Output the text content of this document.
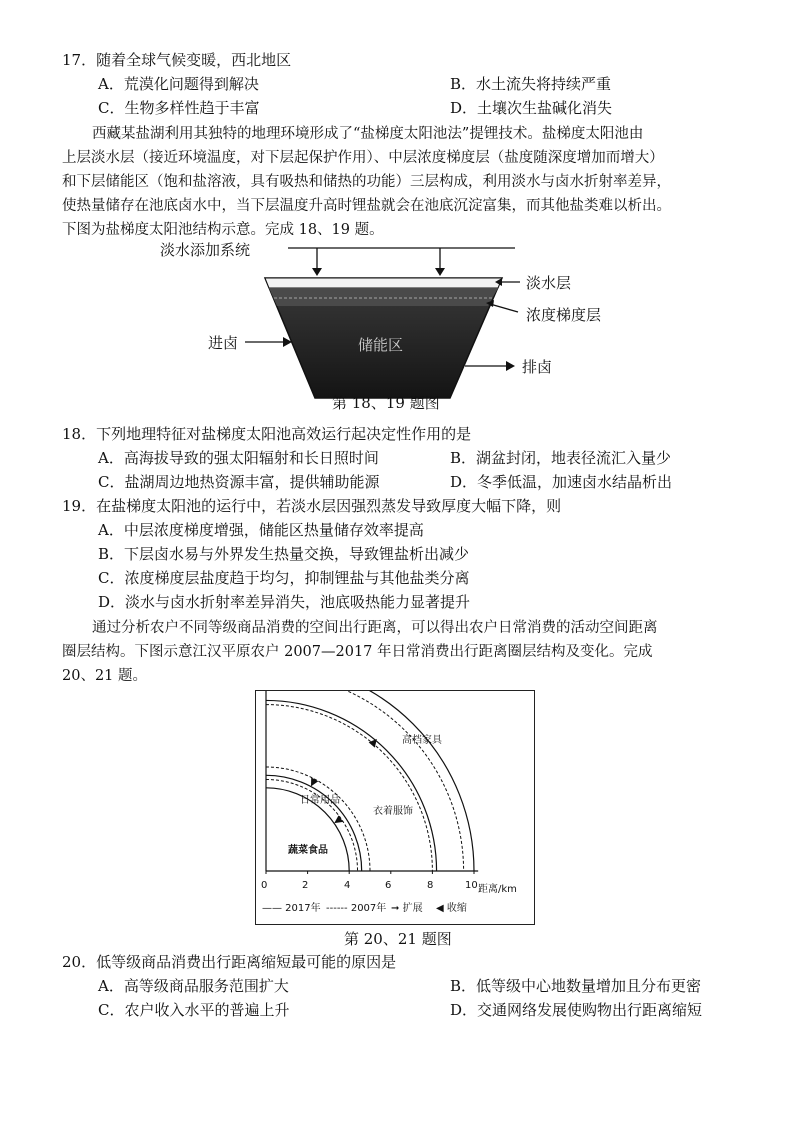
17．随着全球气候变暖，西北地区
A．荒漠化问题得到解决	B．水土流失将持续严重
C．生物多样性趋于丰富	D．土壤次生盐碱化消失
西藏某盐湖利用其独特的地理环境形成了“盐梯度太阳池法”提锂技术。盐梯度太阳池由
上层淡水层（接近环境温度，对下层起保护作用）、中层浓度梯度层（盐度随深度增加而增大）
和下层储能区（饱和盐溶液，具有吸热和储热的功能）三层构成，利用淡水与卤水折射率差异，
使热量储存在池底卤水中，当下层温度升高时锂盐就会在池底沉淀富集，而其他盐类难以析出。
下图为盐梯度太阳池结构示意。完成 18、19 题。
淡水添加系统
淡水层
浓度梯度层
储能区
进卤
排卤
第 18、19 题图
18．下列地理特征对盐梯度太阳池高效运行起决定性作用的是
A．高海拔导致的强太阳辐射和长日照时间	B．湖盆封闭，地表径流汇入量少
C．盐湖周边地热资源丰富，提供辅助能源	D．冬季低温，加速卤水结晶析出
19．在盐梯度太阳池的运行中，若淡水层因强烈蒸发导致厚度大幅下降，则
A．中层浓度梯度增强，储能区热量储存效率提高
B．下层卤水易与外界发生热量交换，导致锂盐析出减少
C．浓度梯度层盐度趋于均匀，抑制锂盐与其他盐类分离
D．淡水与卤水折射率差异消失，池底吸热能力显著提升
通过分析农户不同等级商品消费的空间出行距离，可以得出农户日常消费的活动空间距离
圈层结构。下图示意江汉平原农户 2007—2017 年日常消费出行距离圈层结构及变化。完成
20、21 题。
高档家具
衣着服饰
日常用品
蔬菜食品
0	2	4	6	8	10 距离/km
—— 2017年 ------ 2007年 ➞ 扩展 ◀ 收缩
第 20、21 题图
20．低等级商品消费出行距离缩短最可能的原因是
A．高等级商品服务范围扩大	B．低等级中心地数量增加且分布更密
C．农户收入水平的普遍上升	D．交通网络发展使购物出行距离缩短
